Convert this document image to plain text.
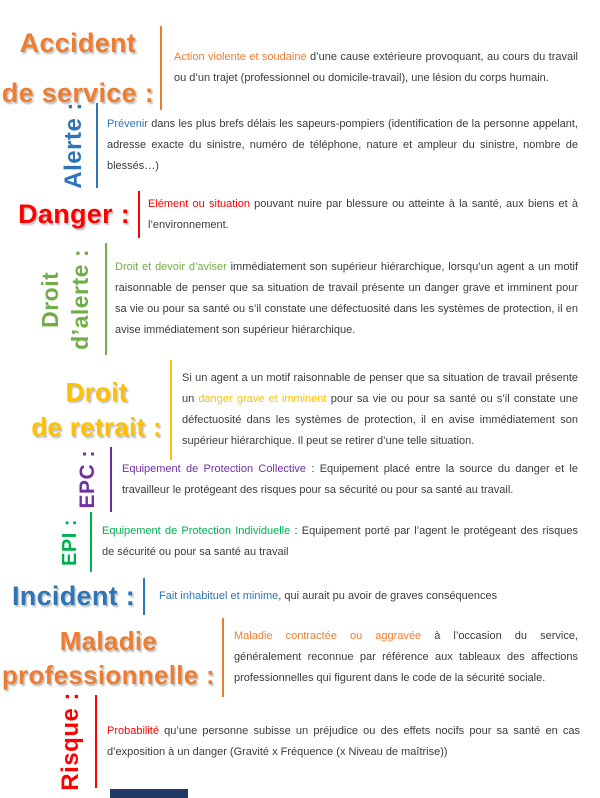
Accident
de service :

Action violente et soudaine d’une cause extérieure provoquant, au cours du travail ou d’un trajet (professionnel ou domicile-travail), une lésion du corps humain.

Alerte : Prévenir dans les plus brefs délais les sapeurs-pompiers (identification de la personne appelant, adresse exacte du sinistre, numéro de téléphone, nature et ampleur du sinistre, nombre de blessés…)

Danger : Elément ou situation pouvant nuire par blessure ou atteinte à la santé, aux biens et à l’environnement.

Droit d’alerte : Droit et devoir d’aviser immédiatement son supérieur hiérarchique, lorsqu’un agent a un motif raisonnable de penser que sa situation de travail présente un danger grave et imminent pour sa vie ou pour sa santé ou s’il constate une défectuosité dans les systèmes de protection, il en avise immédiatement son supérieur hiérarchique.

Droit
de retrait :

Si un agent a un motif raisonnable de penser que sa situation de travail présente un danger grave et imminent pour sa vie ou pour sa santé ou s’il constate une défectuosité dans les systèmes de protection, il en avise immédiatement son supérieur hiérarchique. Il peut se retirer d’une telle situation.

EPC : Equipement de Protection Collective : Equipement placé entre la source du danger et le travailleur le protégeant des risques pour sa sécurité ou pour sa santé au travail.

EPI : Equipement de Protection Individuelle : Equipement porté par l’agent le protégeant des risques de sécurité ou pour sa santé au travail

Incident : Fait inhabituel et minime, qui aurait pu avoir de graves conséquences

Maladie
professionnelle :

Maladie contractée ou aggravée à l’occasion du service, généralement reconnue par référence aux tableaux des affections professionnelles qui figurent dans le code de la sécurité sociale.

Risque : Probabilité qu’une personne subisse un préjudice ou des effets nocifs pour sa santé en cas d’exposition à un danger (Gravité x Fréquence (x Niveau de maîtrise))
